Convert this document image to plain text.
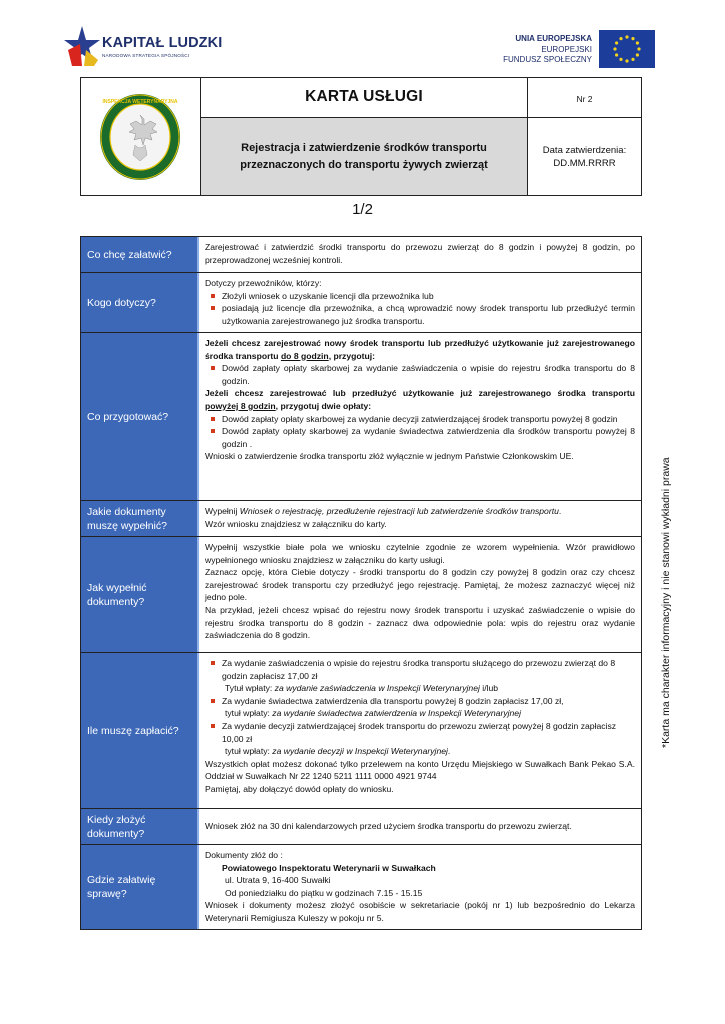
KAPITAŁ LUDZKI
NARODOWA STRATEGIA SPÓJNOŚCI
UNIA EUROPEJSKA
EUROPEJSKI
FUNDUSZ SPOŁECZNY
INSPEKCJA WETERYNARYJNA	KARTA USŁUGI	Nr 2
Rejestracja i zatwierdzenie środków transportu przeznaczonych do transportu żywych zwierząt
Data zatwierdzenia:
DD.MM.RRRR
1/2
Co chcę załatwić?

Zarejestrować i zatwierdzić środki transportu do przewozu zwierząt do 8 godzin i powyżej 8 godzin, po przeprowadzonej wcześniej kontroli.

Kogo dotyczy?

Dotyczy przewoźników, którzy:

Złożyli wniosek o uzyskanie licencji dla przewoźnika lub

posiadają już licencje dla przewoźnika, a chcą wprowadzić nowy środek transportu lub przedłużyć termin użytkowania zarejestrowanego już środka transportu.

Co przygotować?

Jeżeli chcesz zarejestrować nowy środek transportu lub przedłużyć użytkowanie już zarejestrowanego środka transportu do 8 godzin, przygotuj:

Dowód zapłaty opłaty skarbowej za wydanie zaświadczenia o wpisie do rejestru środka transportu do 8 godzin.

Jeżeli chcesz zarejestrować lub przedłużyć użytkowanie już zarejestrowanego środka transportu powyżej 8 godzin, przygotuj dwie opłaty:

Dowód zapłaty opłaty skarbowej za wydanie decyzji zatwierdzającej środek transportu powyżej 8 godzin

Dowód zapłaty opłaty skarbowej za wydanie świadectwa zatwierdzenia dla środków transportu powyżej 8 godzin .

Wnioski o zatwierdzenie środka transportu złóż wyłącznie w jednym Państwie Członkowskim UE.

Jakie dokumenty muszę wypełnić?

Wypełnij Wniosek o rejestrację, przedłużenie rejestracji lub zatwierdzenie środków transportu.

Wzór wniosku znajdziesz w załączniku do karty.

Jak wypełnić dokumenty?

Wypełnij wszystkie białe pola we wniosku czytelnie zgodnie ze wzorem wypełnienia. Wzór prawidłowo wypełnionego wniosku znajdziesz w załączniku do karty usługi.

Zaznacz opcję, która Ciebie dotyczy - środki transportu do 8 godzin czy powyżej 8 godzin oraz czy chcesz zarejestrować środek transportu czy przedłużyć jego rejestrację. Pamiętaj, że możesz zaznaczyć więcej niż jedno pole.

Na przykład, jeżeli chcesz wpisać do rejestru nowy środek transportu i uzyskać zaświadczenie o wpisie do rejestru środka transportu do 8 godzin - zaznacz dwa odpowiednie pola: wpis do rejestru oraz wydanie zaświadczenia do 8 godzin.

Ile muszę zapłacić?

Za wydanie zaświadczenia o wpisie do rejestru środka transportu służącego do przewozu zwierząt do 8 godzin zapłacisz 17,00 zł

Tytuł wpłaty: za wydanie zaświadczenia w Inspekcji Weterynaryjnej i/lub

Za wydanie świadectwa zatwierdzenia dla transportu powyżej 8 godzin zapłacisz 17,00 zł,

tytuł wpłaty: za wydanie świadectwa zatwierdzenia w Inspekcji Weterynaryjnej

Za wydanie decyzji zatwierdzającej środek transportu do przewozu zwierząt powyżej 8 godzin zapłacisz 10,00 zł

tytuł wpłaty: za wydanie decyzji w Inspekcji Weterynaryjnej.

Wszystkich opłat możesz dokonać tylko przelewem na konto Urzędu Miejskiego w Suwałkach Bank Pekao S.A. Oddział w Suwałkach Nr 22 1240 5211 1111 0000 4921 9744

Pamiętaj, aby dołączyć dowód opłaty do wniosku.

Kiedy złożyć dokumenty?

Wniosek złóż na 30 dni kalendarzowych przed użyciem środka transportu do przewozu zwierząt.

Gdzie załatwię sprawę?

Dokumenty złóż do :

Powiatowego Inspektoratu Weterynarii w Suwałkach

ul. Utrata 9, 16-400 Suwałki

Od poniedziałku do piątku w godzinach 7.15 - 15.15

Wniosek i dokumenty możesz złożyć osobiście w sekretariacie (pokój nr 1) lub bezpośrednio do Lekarza Weterynarii Remigiusza Kuleszy w pokoju nr 5.

*Karta ma charakter informacyjny i nie stanowi wykładni prawa
